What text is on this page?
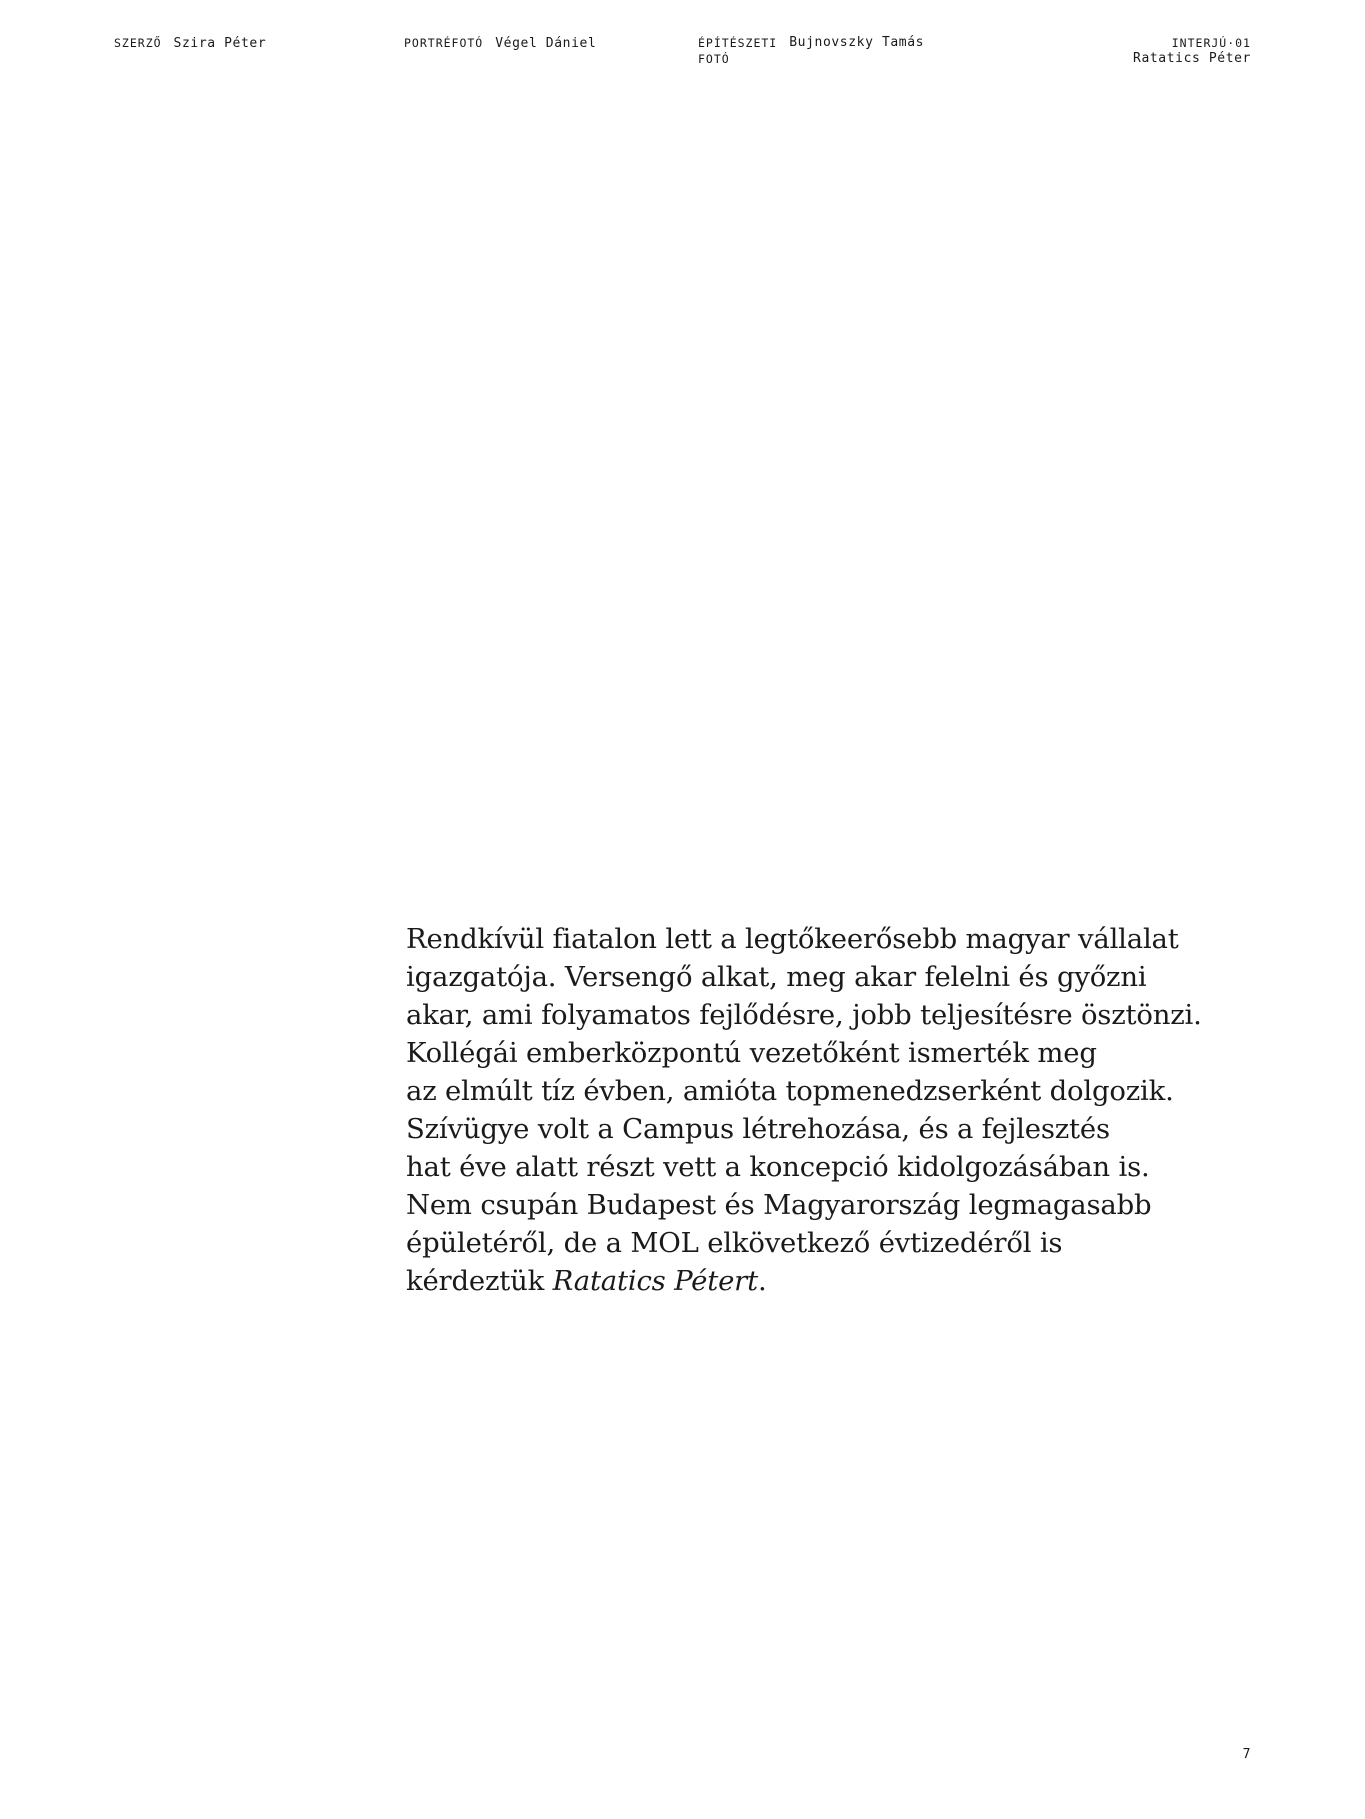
SZERZŐ Szira Péter	PORTRÉFOTÓ Végel Dániel	ÉPÍTÉSZETI
FOTÓ
Bujnovszky Tamás	INTERJÚ·01
Ratatics Péter
Rendkívül fiatalon lett a legtőkeerősebb magyar vállalat
igazgatója. Versengő alkat, meg akar felelni és győzni
akar, ami folyamatos fejlődésre, jobb teljesítésre ösztönzi.
Kollégái emberközpontú vezetőként ismerték meg
az elmúlt tíz évben, amióta topmenedzserként dolgozik.
Szívügye volt a Campus létrehozása, és a fejlesztés
hat éve alatt részt vett a koncepció kidolgozásában is.
Nem csupán Budapest és Magyarország legmagasabb
épületéről, de a MOL elkövetkező évtizedéről is
kérdeztük Ratatics Pétert.
7
